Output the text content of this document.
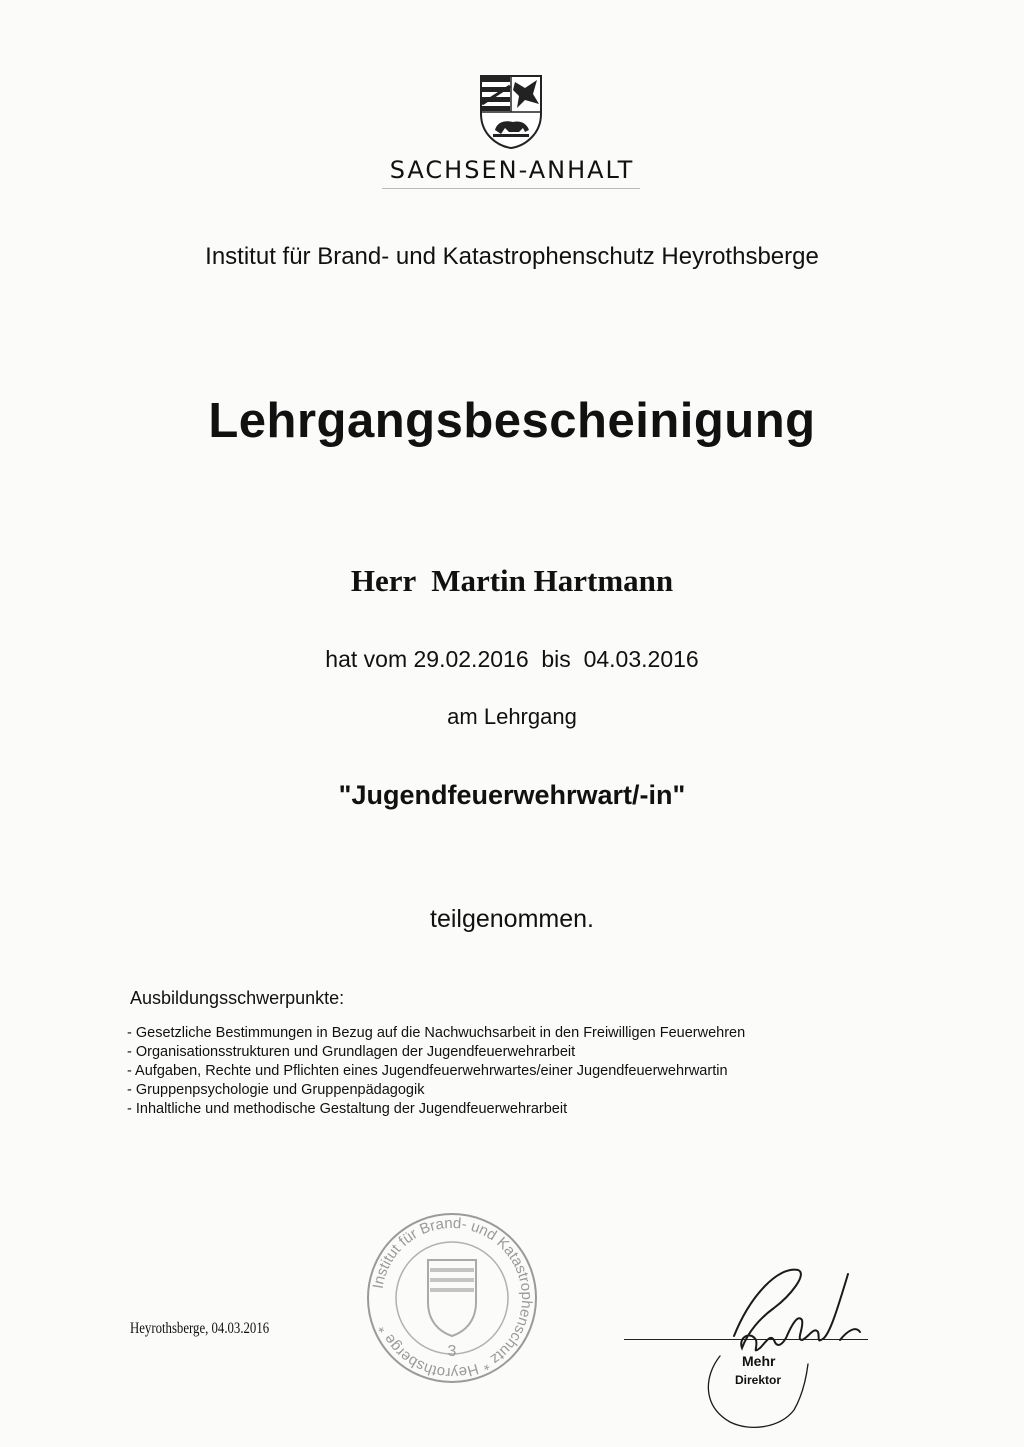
SACHSEN-ANHALT
Institut für Brand- und Katastrophenschutz Heyrothsberge
Lehrgangsbescheinigung
Herr  Martin Hartmann
hat vom 29.02.2016  bis  04.03.2016
am Lehrgang
"Jugendfeuerwehrwart/-in"
teilgenommen.
Ausbildungsschwerpunkte:
- Gesetzliche Bestimmungen in Bezug auf die Nachwuchsarbeit in den Freiwilligen Feuerwehren
- Organisationsstrukturen und Grundlagen der Jugendfeuerwehrarbeit
- Aufgaben, Rechte und Pflichten eines Jugendfeuerwehrwartes/einer Jugendfeuerwehrwartin
- Gruppenpsychologie und Gruppenpädagogik
- Inhaltliche und methodische Gestaltung der Jugendfeuerwehrarbeit
Heyrothsberge, 04.03.2016
Institut für Brand- und Katastrophenschutz * Heyrothsberge *
3
Mehr
Direktor
